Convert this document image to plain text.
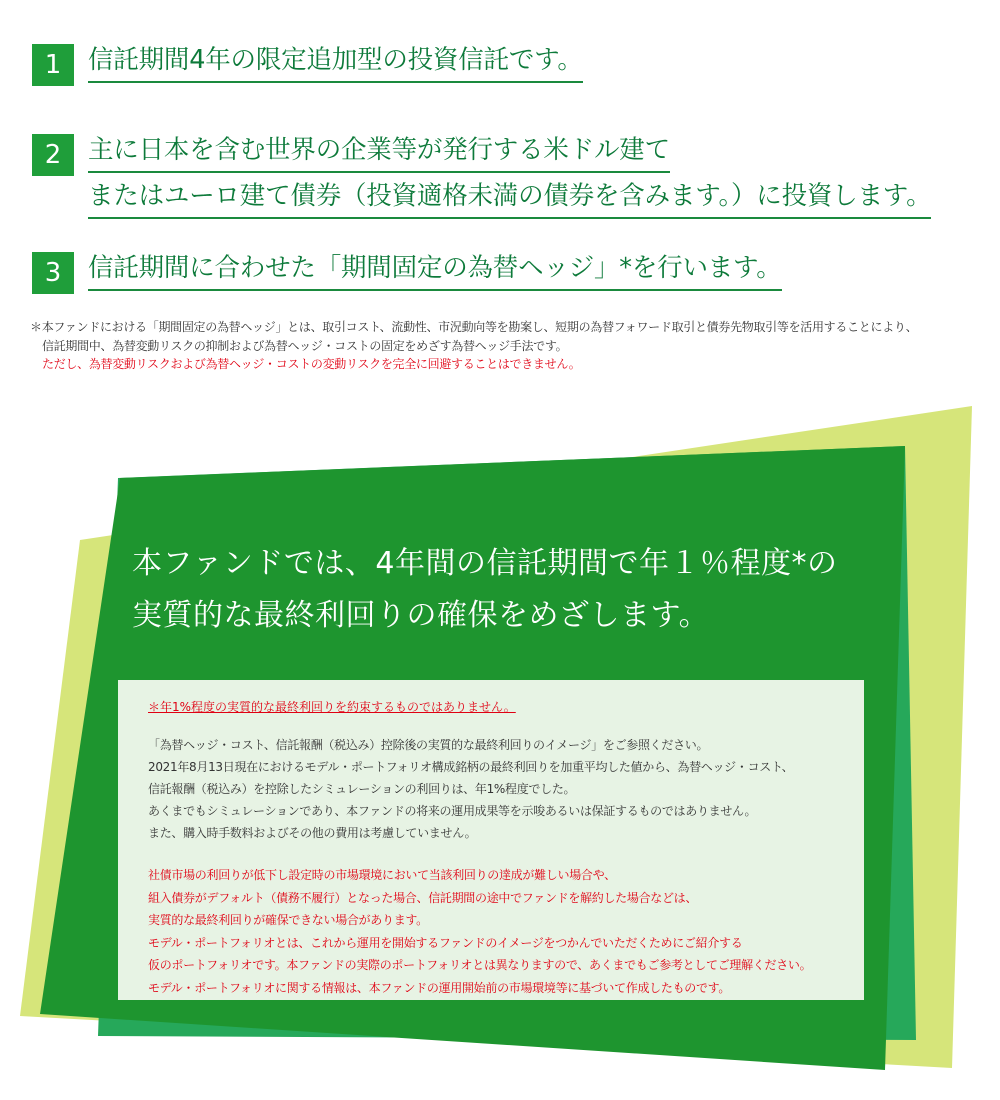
1	信託期間4年の限定追加型の投資信託です。
2	主に日本を含む世界の企業等が発行する米ドル建て
またはユーロ建て債券（投資適格未満の債券を含みます。）に投資します。
3	信託期間に合わせた「期間固定の為替ヘッジ」*を行います。
＊本ファンドにおける「期間固定の為替ヘッジ」とは、取引コスト、流動性、市況動向等を勘案し、短期の為替フォワード取引と債券先物取引等を活用することにより、
信託期間中、為替変動リスクの抑制および為替ヘッジ・コストの固定をめざす為替ヘッジ手法です。
ただし、為替変動リスクおよび為替ヘッジ・コストの変動リスクを完全に回避することはできません。
本ファンドでは、4年間の信託期間で年１％程度*の
実質的な最終利回りの確保をめざします。
＊年1%程度の実質的な最終利回りを約束するものではありません。
「為替ヘッジ・コスト、信託報酬（税込み）控除後の実質的な最終利回りのイメージ」をご参照ください。
2021年8月13日現在におけるモデル・ポートフォリオ構成銘柄の最終利回りを加重平均した値から、為替ヘッジ・コスト、
信託報酬（税込み）を控除したシミュレーションの利回りは、年1%程度でした。
あくまでもシミュレーションであり、本ファンドの将来の運用成果等を示唆あるいは保証するものではありません。
また、購入時手数料およびその他の費用は考慮していません。
社債市場の利回りが低下し設定時の市場環境において当該利回りの達成が難しい場合や、
組入債券がデフォルト（債務不履行）となった場合、信託期間の途中でファンドを解約した場合などは、
実質的な最終利回りが確保できない場合があります。
モデル・ポートフォリオとは、これから運用を開始するファンドのイメージをつかんでいただくためにご紹介する
仮のポートフォリオです。本ファンドの実際のポートフォリオとは異なりますので、あくまでもご参考としてご理解ください。
モデル・ポートフォリオに関する情報は、本ファンドの運用開始前の市場環境等に基づいて作成したものです。
